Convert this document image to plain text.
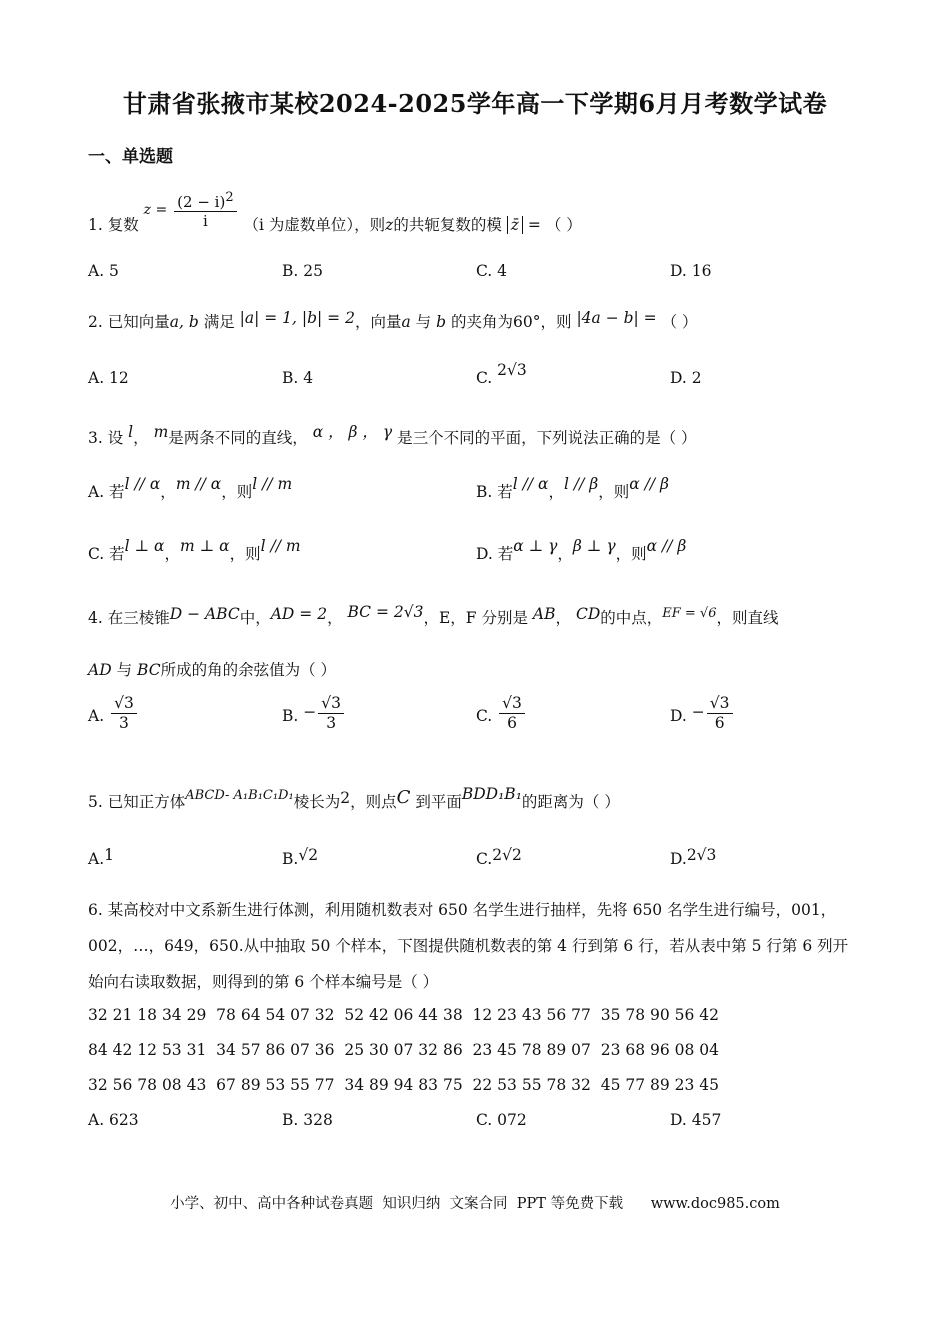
甘肃省张掖市某校2024-2025学年高一下学期6月月考数学试卷
一、单选题
1. 复数 $z = \frac{(2 - i)^2}{i} (i$ 为虚数单位），则z的共轭复数的模 z̄ = （ ）
A. 5	B. 25	C. 4	D. 16
2. 已知向量a, b 满足 |a| = 1, |b| = 2，向量a 与 b 的夹角为60°，则 |4a − b| = （ ）
A. 12	B. 4	C. 2√3	D. 2
3. 设 l， m是两条不同的直线， α ， β ， γ 是三个不同的平面，下列说法正确的是（ ）
A. 若l // α，m // α，则l // m	B. 若l // α，l // β，则α // β
C. 若l ⊥ α，m ⊥ α，则l // m	D. 若α ⊥ γ，β ⊥ γ，则α // β
4. 在三棱锥D − ABC中，AD = 2， BC = 2√3，E，F 分别是 AB， CD的中点，$^{EF = √6}$，则直线
AD 与 BC所成的角的余弦值为（ ）
A. $\frac{√3}{3}$	B. − $\frac{√3}{3}$	C. $\frac{√3}{6}$	D. − $\frac{√3}{6}$
5. 已知正方体$^{ABCD- A_1B_1C_1D_1}$棱长为2，则点C 到平面BDD₁B₁的距离为（ ）
A.1	B.√2	C.2√2	D.2√3
6. 某高校对中文系新生进行体测，利用随机数表对 650 名学生进行抽样，先将 650 名学生进行编号，001，
002，…，649，650.从中抽取 50 个样本，下图提供随机数表的第 4 行到第 6 行，若从表中第 5 行第 6 列开
始向右读取数据，则得到的第 6 个样本编号是（ ）
32 21 18 34 29  78 64 54 07 32  52 42 06 44 38  12 23 43 56 77  35 78 90 56 42
84 42 12 53 31  34 57 86 07 36  25 30 07 32 86  23 45 78 89 07  23 68 96 08 04
32 56 78 08 43  67 89 53 55 77  34 89 94 83 75  22 53 55 78 32  45 77 89 23 45
A. 623	B. 328	C. 072	D. 457
小学、初中、高中各种试卷真题  知识归纳  文案合同  PPT 等免费下载      www.doc985.com
